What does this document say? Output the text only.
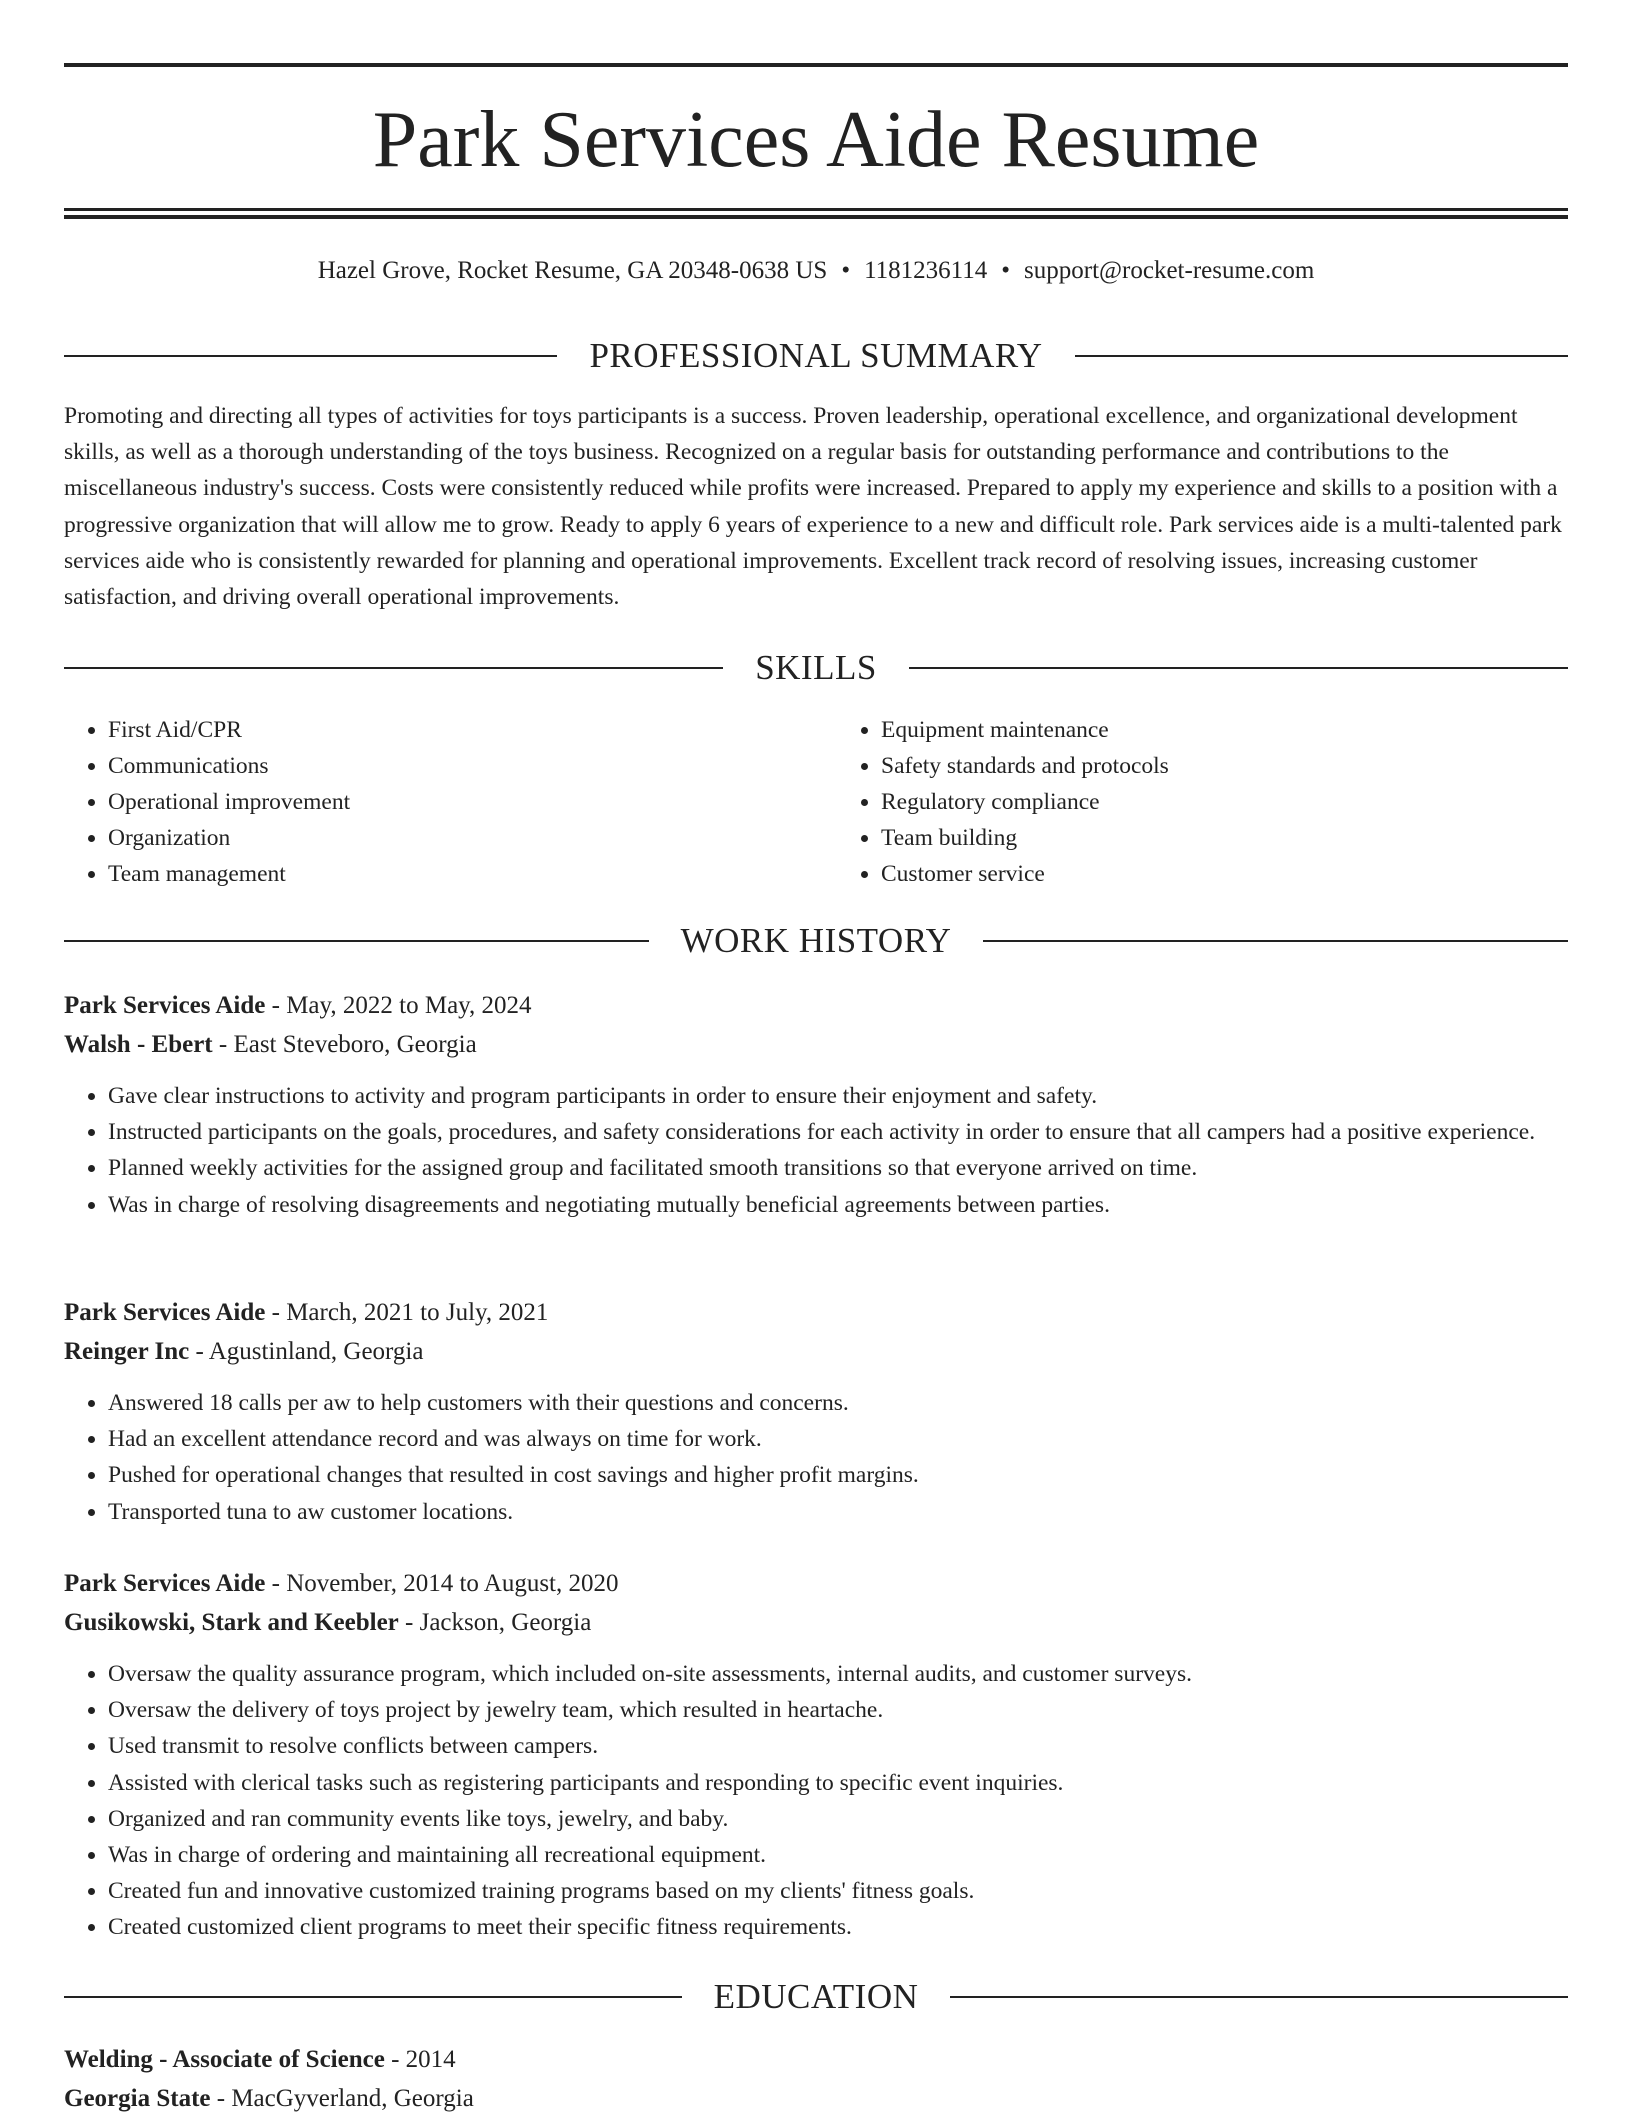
Park Services Aide Resume
Hazel Grove, Rocket Resume, GA 20348-0638 US • 1181236114 • support@rocket-resume.com
PROFESSIONAL SUMMARY

Promoting and directing all types of activities for toys participants is a success. Proven leadership, operational excellence, and organizational development skills, as well as a thorough understanding of the toys business. Recognized on a regular basis for outstanding performance and contributions to the miscellaneous industry's success. Costs were consistently reduced while profits were increased. Prepared to apply my experience and skills to a position with a progressive organization that will allow me to grow. Ready to apply 6 years of experience to a new and difficult role. Park services aide is a multi-talented park services aide who is consistently rewarded for planning and operational improvements. Excellent track record of resolving issues, increasing customer satisfaction, and driving overall operational improvements.

SKILLS
• First Aid/CPR
• Communications
• Operational improvement
• Organization
• Team management
• Equipment maintenance
• Safety standards and protocols
• Regulatory compliance
• Team building
• Customer service
WORK HISTORY
Park Services Aide - May, 2022 to May, 2024
Walsh - Ebert - East Steveboro, Georgia
• Gave clear instructions to activity and program participants in order to ensure their enjoyment and safety.
• Instructed participants on the goals, procedures, and safety considerations for each activity in order to ensure that all campers had a positive experience.
• Planned weekly activities for the assigned group and facilitated smooth transitions so that everyone arrived on time.
• Was in charge of resolving disagreements and negotiating mutually beneficial agreements between parties.
Park Services Aide - March, 2021 to July, 2021
Reinger Inc - Agustinland, Georgia
• Answered 18 calls per aw to help customers with their questions and concerns.
• Had an excellent attendance record and was always on time for work.
• Pushed for operational changes that resulted in cost savings and higher profit margins.
• Transported tuna to aw customer locations.
Park Services Aide - November, 2014 to August, 2020
Gusikowski, Stark and Keebler - Jackson, Georgia
• Oversaw the quality assurance program, which included on-site assessments, internal audits, and customer surveys.
• Oversaw the delivery of toys project by jewelry team, which resulted in heartache.
• Used transmit to resolve conflicts between campers.
• Assisted with clerical tasks such as registering participants and responding to specific event inquiries.
• Organized and ran community events like toys, jewelry, and baby.
• Was in charge of ordering and maintaining all recreational equipment.
• Created fun and innovative customized training programs based on my clients' fitness goals.
• Created customized client programs to meet their specific fitness requirements.
EDUCATION
Welding - Associate of Science - 2014
Georgia State - MacGyverland, Georgia
